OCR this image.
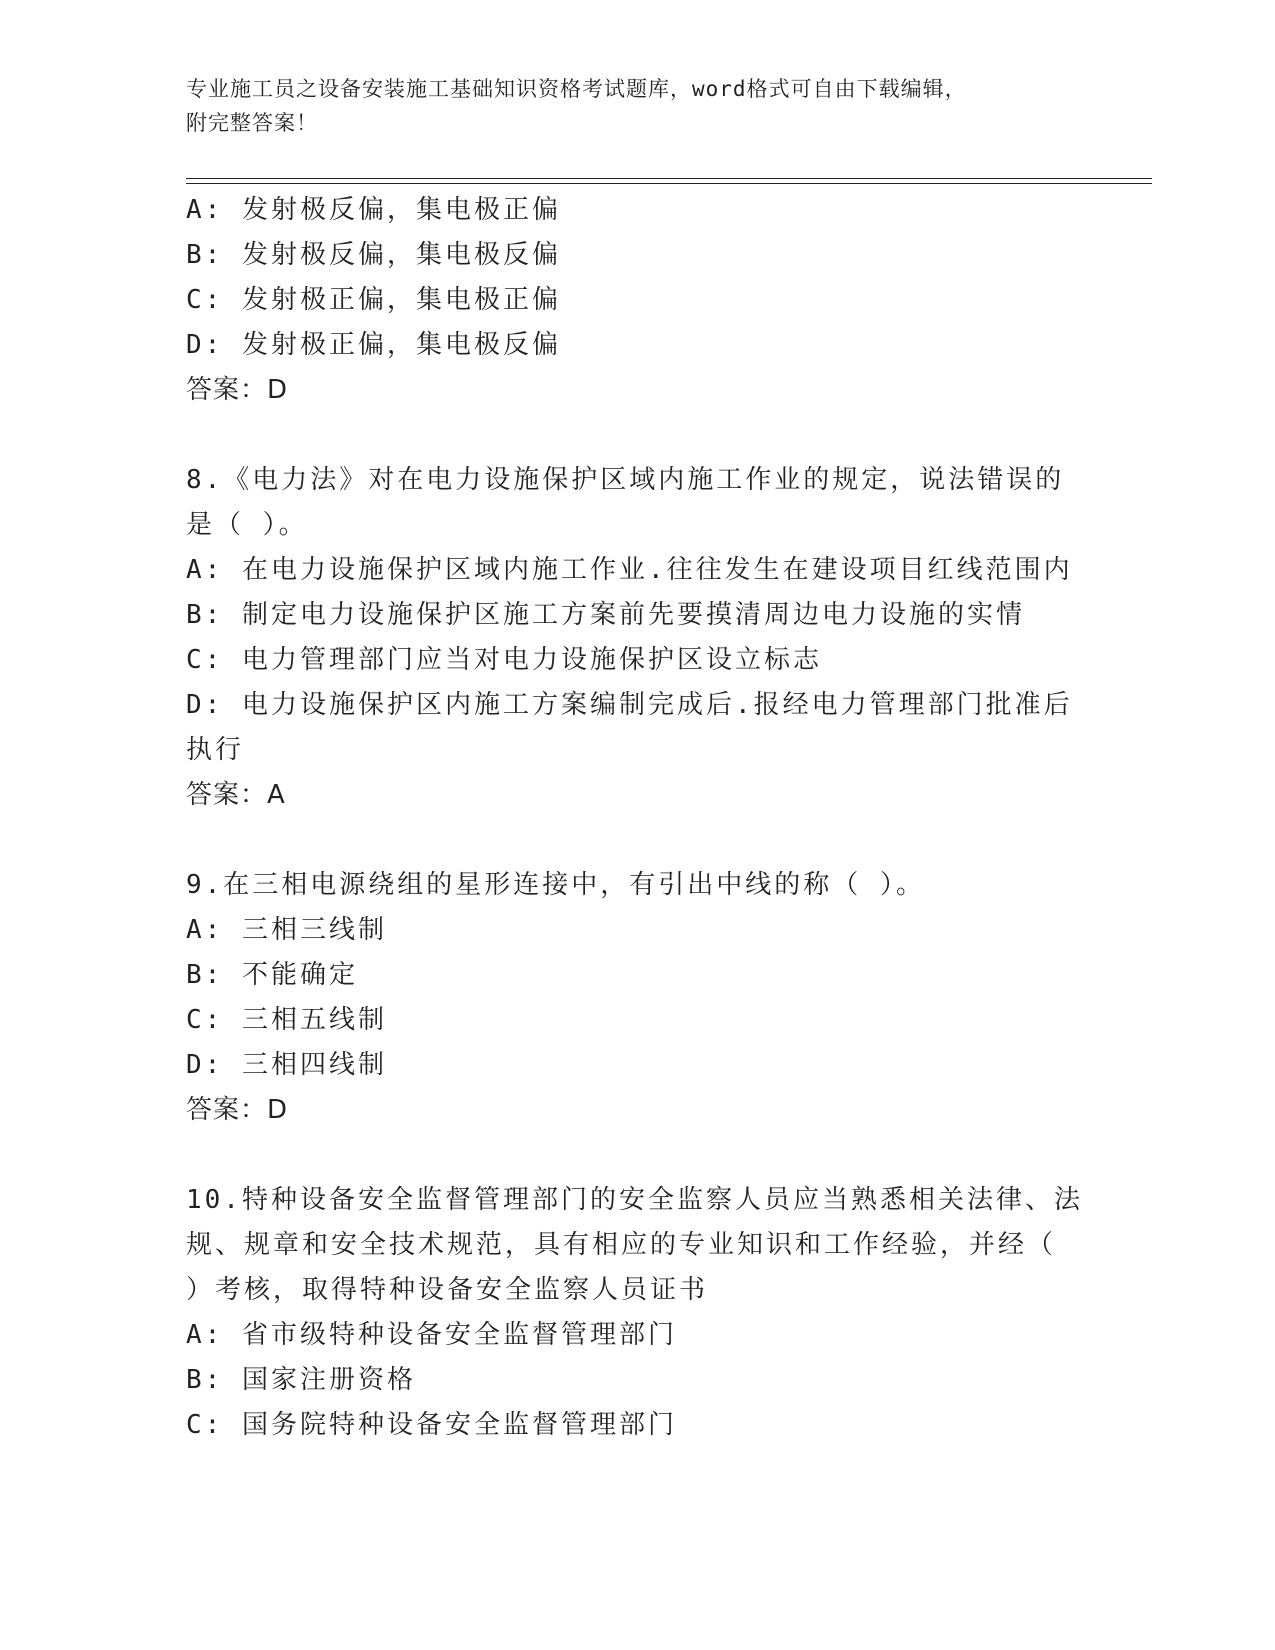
专业施工员之设备安装施工基础知识资格考试题库，word格式可自由下载编辑，
附完整答案！
A: 发射极反偏，集电极正偏
B: 发射极反偏，集电极反偏
C: 发射极正偏，集电极正偏
D: 发射极正偏，集电极反偏
答案：D
8.《电力法》对在电力设施保护区域内施工作业的规定，说法错误的
是（ ）。
A: 在电力设施保护区域内施工作业.往往发生在建设项目红线范围内
B: 制定电力设施保护区施工方案前先要摸清周边电力设施的实情
C: 电力管理部门应当对电力设施保护区设立标志
D: 电力设施保护区内施工方案编制完成后.报经电力管理部门批准后
执行
答案：A
9.在三相电源绕组的星形连接中，有引出中线的称（ ）。
A: 三相三线制
B: 不能确定
C: 三相五线制
D: 三相四线制
答案：D
10.特种设备安全监督管理部门的安全监察人员应当熟悉相关法律、法
规、规章和安全技术规范，具有相应的专业知识和工作经验，并经（
）考核，取得特种设备安全监察人员证书
A: 省市级特种设备安全监督管理部门
B: 国家注册资格
C: 国务院特种设备安全监督管理部门
